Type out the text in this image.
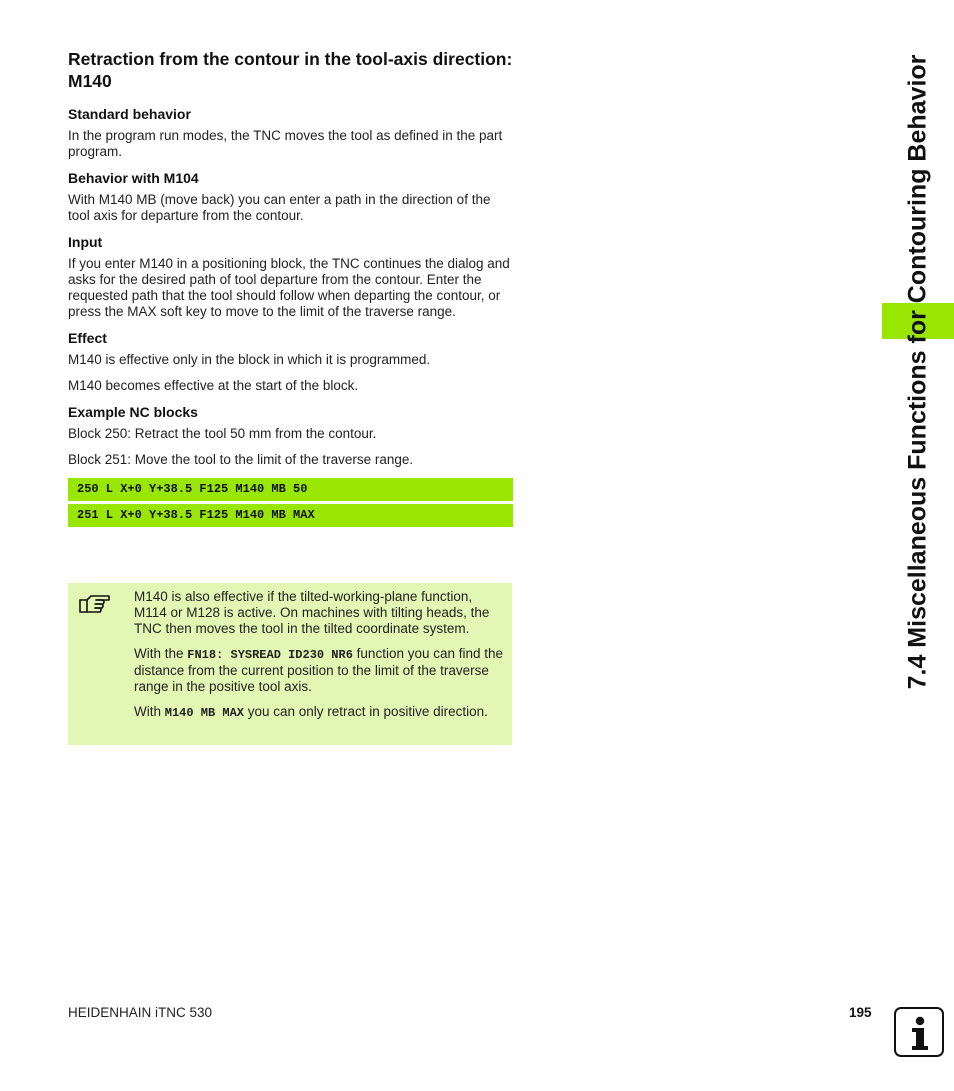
Retraction from the contour in the tool-axis direction: M140
Standard behavior

In the program run modes, the TNC moves the tool as defined in the part program.

Behavior with M104

With M140 MB (move back) you can enter a path in the direction of the tool axis for departure from the contour.

Input

If you enter M140 in a positioning block, the TNC continues the dialog and asks for the desired path of tool departure from the contour. Enter the requested path that the tool should follow when departing the contour, or press the MAX soft key to move to the limit of the traverse range.

Effect

M140 is effective only in the block in which it is programmed.

M140 becomes effective at the start of the block.

Example NC blocks

Block 250: Retract the tool 50 mm from the contour.

Block 251: Move the tool to the limit of the traverse range.

250 L X+0 Y+38.5 F125 M140 MB 50
251 L X+0 Y+38.5 F125 M140 MB MAX

M140 is also effective if the tilted-working-plane function, M114 or M128 is active. On machines with tilting heads, the TNC then moves the tool in the tilted coordinate system.

With the FN18: SYSREAD ID230 NR6 function you can find the distance from the current position to the limit of the traverse range in the positive tool axis.

With M140 MB MAX you can only retract in positive direction.

7.4 Miscellaneous Functions for Contouring Behavior
HEIDENHAIN iTNC 530	195
